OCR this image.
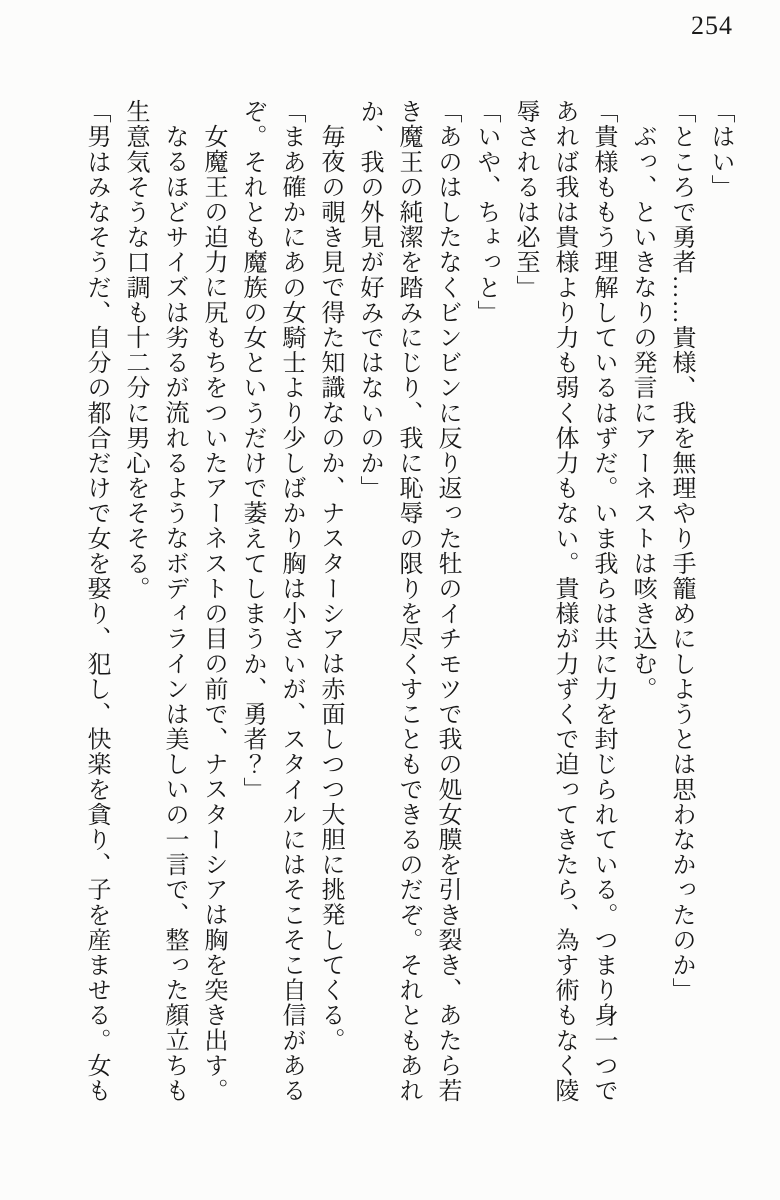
254

「はい」

「ところで勇者……貴様、我を無理やり手籠めにしようとは思わなかったのか」

ぶっ、といきなりの発言にアーネストは咳き込む。

「貴様ももう理解しているはずだ。いま我らは共に力を封じられている。つまり身一つで

あれば我は貴様より力も弱く体力もない。貴様が力ずくで迫ってきたら、為す術もなく陵

辱されるは必至」

「いや、ちょっと」

「あのはしたなくビンビンに反り返った牡のイチモツで我の処女膜を引き裂き、あたら若

き魔王の純潔を踏みにじり、我に恥辱の限りを尽くすこともできるのだぞ。それともあれ

か、我の外見が好みではないのか」

毎夜の覗き見で得た知識なのか、ナスターシアは赤面しつつ大胆に挑発してくる。

「まあ確かにあの女騎士より少しばかり胸は小さいが、スタイルにはそこそこ自信がある

ぞ。それとも魔族の女というだけで萎えてしまうか、勇者？」

女魔王の迫力に尻もちをついたアーネストの目の前で、ナスターシアは胸を突き出す。

なるほどサイズは劣るが流れるようなボディラインは美しいの一言で、整った顔立ちも

生意気そうな口調も十二分に男心をそそる。

「男はみなそうだ、自分の都合だけで女を娶り、犯し、快楽を貪り、子を産ませる。女も
